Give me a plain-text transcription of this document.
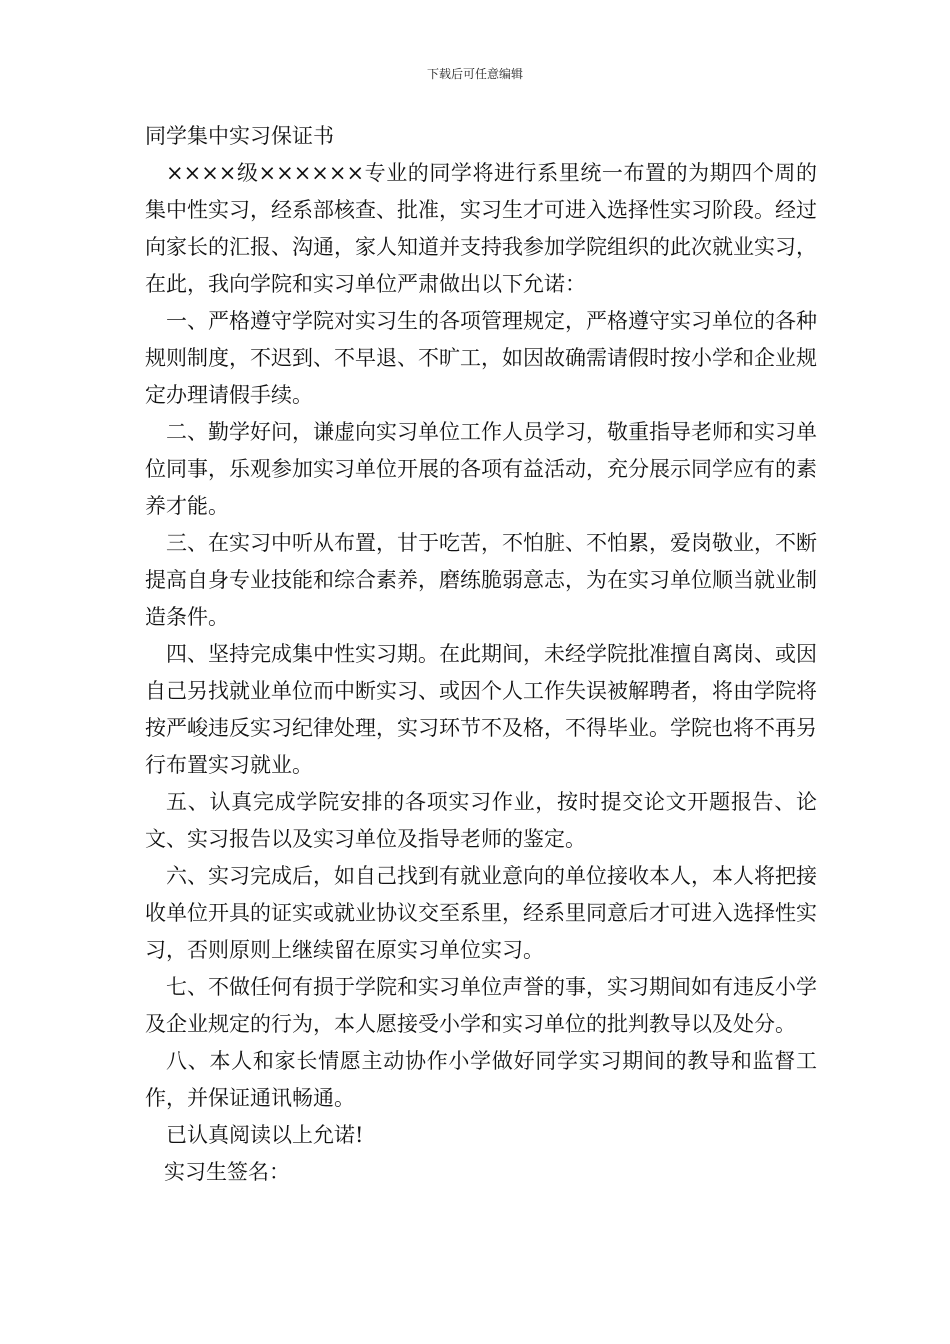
下载后可任意编辑
同学集中实习保证书

××××级××××××专业的同学将进行系里统一布置的为期四个周的集中性实习，经系部核查、批准，实习生才可进入选择性实习阶段。经过向家长的汇报、沟通，家人知道并支持我参加学院组织的此次就业实习，在此，我向学院和实习单位严肃做出以下允诺：

一、严格遵守学院对实习生的各项管理规定，严格遵守实习单位的各种规则制度，不迟到、不早退、不旷工，如因故确需请假时按小学和企业规定办理请假手续。

二、勤学好问，谦虚向实习单位工作人员学习，敬重指导老师和实习单位同事，乐观参加实习单位开展的各项有益活动，充分展示同学应有的素养才能。

三、在实习中听从布置，甘于吃苦，不怕脏、不怕累，爱岗敬业，不断提高自身专业技能和综合素养，磨练脆弱意志，为在实习单位顺当就业制造条件。

四、坚持完成集中性实习期。在此期间，未经学院批准擅自离岗、或因自己另找就业单位而中断实习、或因个人工作失误被解聘者，将由学院将按严峻违反实习纪律处理，实习环节不及格，不得毕业。学院也将不再另行布置实习就业。

五、认真完成学院安排的各项实习作业，按时提交论文开题报告、论文、实习报告以及实习单位及指导老师的鉴定。

六、实习完成后，如自己找到有就业意向的单位接收本人，本人将把接收单位开具的证实或就业协议交至系里，经系里同意后才可进入选择性实习，否则原则上继续留在原实习单位实习。

七、不做任何有损于学院和实习单位声誉的事，实习期间如有违反小学及企业规定的行为，本人愿接受小学和实习单位的批判教导以及处分。

八、本人和家长情愿主动协作小学做好同学实习期间的教导和监督工作，并保证通讯畅通。

已认真阅读以上允诺!

实习生签名：
